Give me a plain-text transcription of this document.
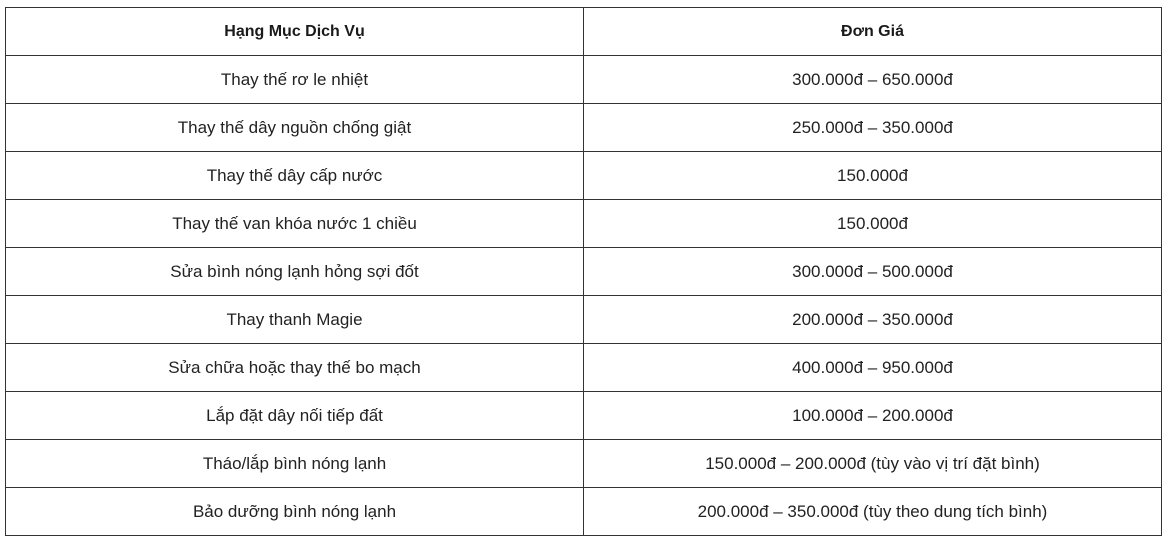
Hạng Mục Dịch Vụ	Đơn Giá
Thay thế rơ le nhiệt	300.000đ – 650.000đ
Thay thế dây nguồn chống giật	250.000đ – 350.000đ
Thay thế dây cấp nước	150.000đ
Thay thế van khóa nước 1 chiều	150.000đ
Sửa bình nóng lạnh hỏng sợi đốt	300.000đ – 500.000đ
Thay thanh Magie	200.000đ – 350.000đ
Sửa chữa hoặc thay thế bo mạch	400.000đ – 950.000đ
Lắp đặt dây nối tiếp đất	100.000đ – 200.000đ
Tháo/lắp bình nóng lạnh	150.000đ – 200.000đ (tùy vào vị trí đặt bình)
Bảo dưỡng bình nóng lạnh	200.000đ – 350.000đ (tùy theo dung tích bình)
